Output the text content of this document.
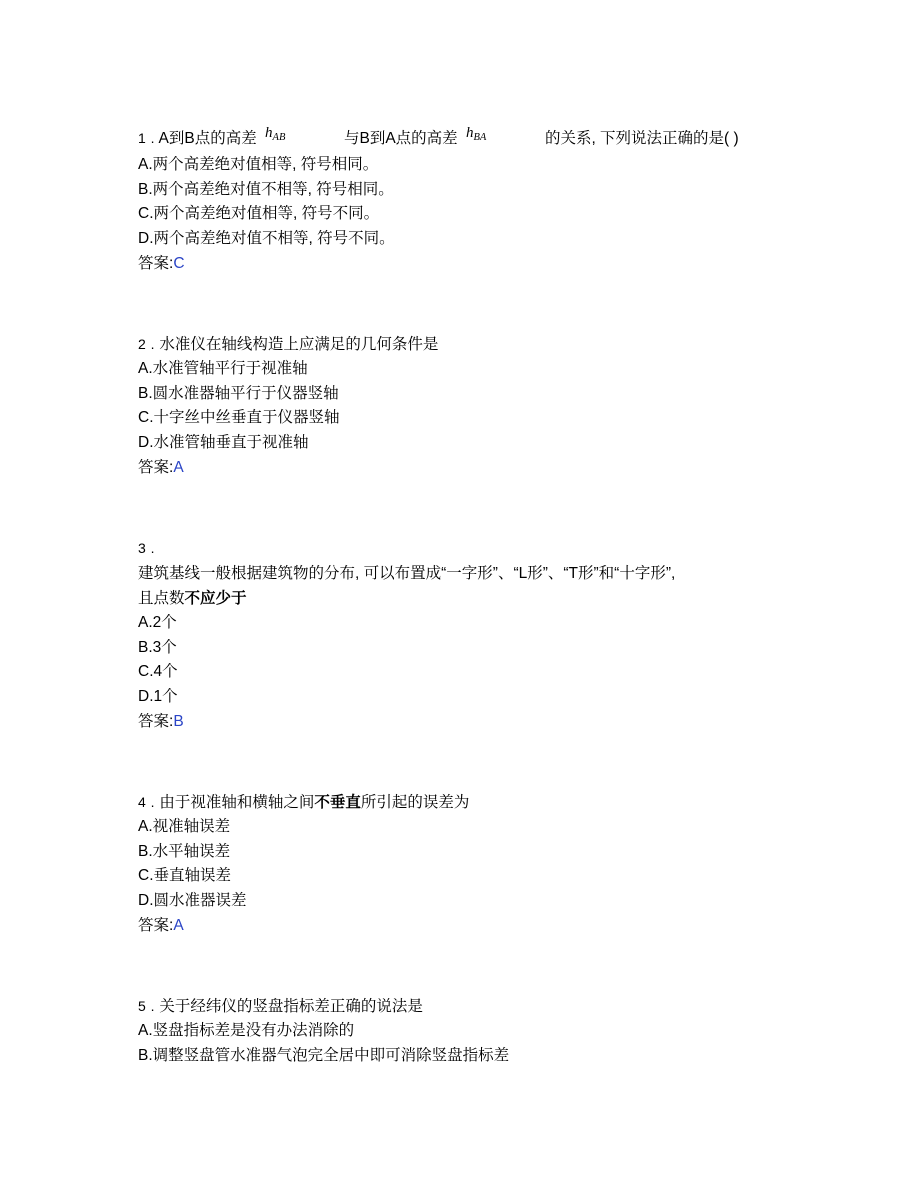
1 . A到B点的高差 $h_{AB}$	与B到A点的高差 $h_{BA}$	的关系, 下列说法正确的是( )
A.两个高差绝对值相等, 符号相同。
B.两个高差绝对值不相等, 符号相同。
C.两个高差绝对值相等, 符号不同。
D.两个高差绝对值不相等, 符号不同。
答案:C
2 . 水准仪在轴线构造上应满足的几何条件是
A.水准管轴平行于视准轴
B.圆水准器轴平行于仪器竖轴
C.十字丝中丝垂直于仪器竖轴
D.水准管轴垂直于视准轴
答案:A
3 .
建筑基线一般根据建筑物的分布, 可以布置成“一字形”、“L形”、“T形”和“十字形”,
且点数不应少于
A.2个
B.3个
C.4个
D.1个
答案:B
4 . 由于视准轴和横轴之间不垂直所引起的误差为
A.视准轴误差
B.水平轴误差
C.垂直轴误差
D.圆水准器误差
答案:A
5 . 关于经纬仪的竖盘指标差正确的说法是
A.竖盘指标差是没有办法消除的
B.调整竖盘管水准器气泡完全居中即可消除竖盘指标差
